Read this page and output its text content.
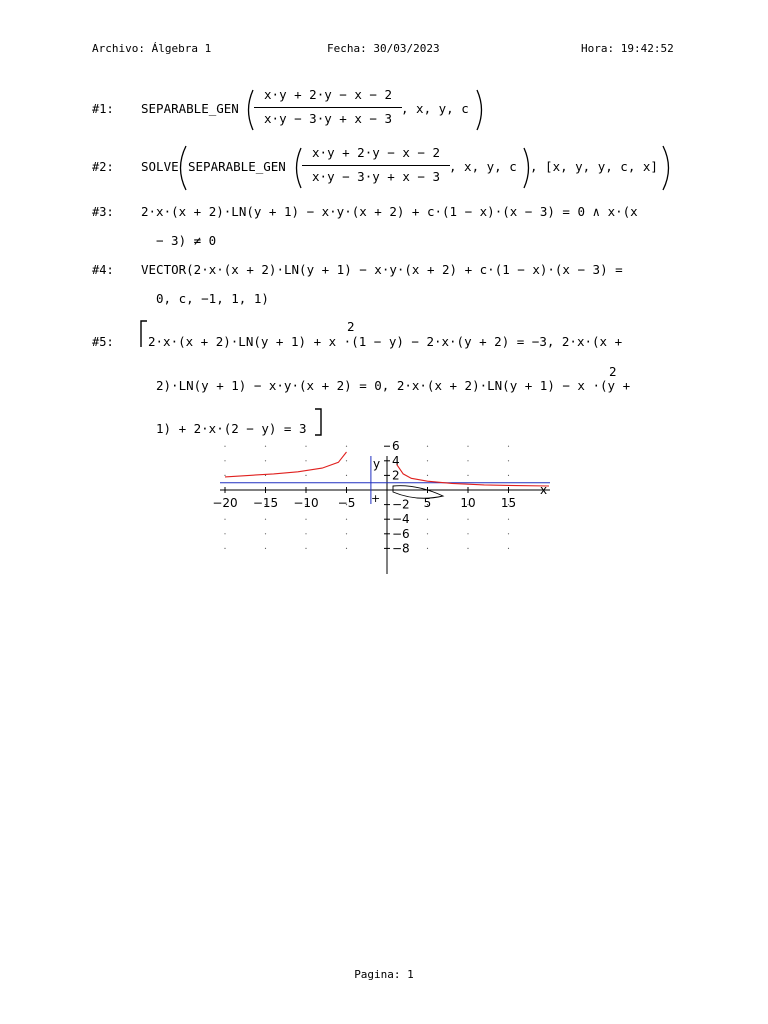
Archivo: Álgebra 1	Fecha: 30/03/2023	Hora: 19:42:52
#1: SEPARABLE_GEN
x·y + 2·y − x − 2
x·y − 3·y + x − 3
, x, y, c
#2: SOLVE SEPARABLE_GEN
x·y + 2·y − x − 2
x·y − 3·y + x − 3
, x, y, c , [x, y, y, c, x]
#3: 2·x·(x + 2)·LN(y + 1) − x·y·(x + 2) + c·(1 − x)·(x − 3) = 0 ∧ x·(x
− 3) ≠ 0
#4: VECTOR(2·x·(x + 2)·LN(y + 1) − x·y·(x + 2) + c·(1 − x)·(x − 3) =
0, c, −1, 1, 1)
#5:
2
2·x·(x + 2)·LN(y + 1) + x ·(1 − y) − 2·x·(y + 2) = −3, 2·x·(x +
2
2)·LN(y + 1) − x·y·(x + 2) = 0, 2·x·(x + 2)·LN(y + 1) − x ·(y +
1) + 2·x·(2 − y) = 3
−20 −15 −10 −5	5 10 15
6
4
2
−2
−4
−6
−8
y
x
+
Pagina: 1
